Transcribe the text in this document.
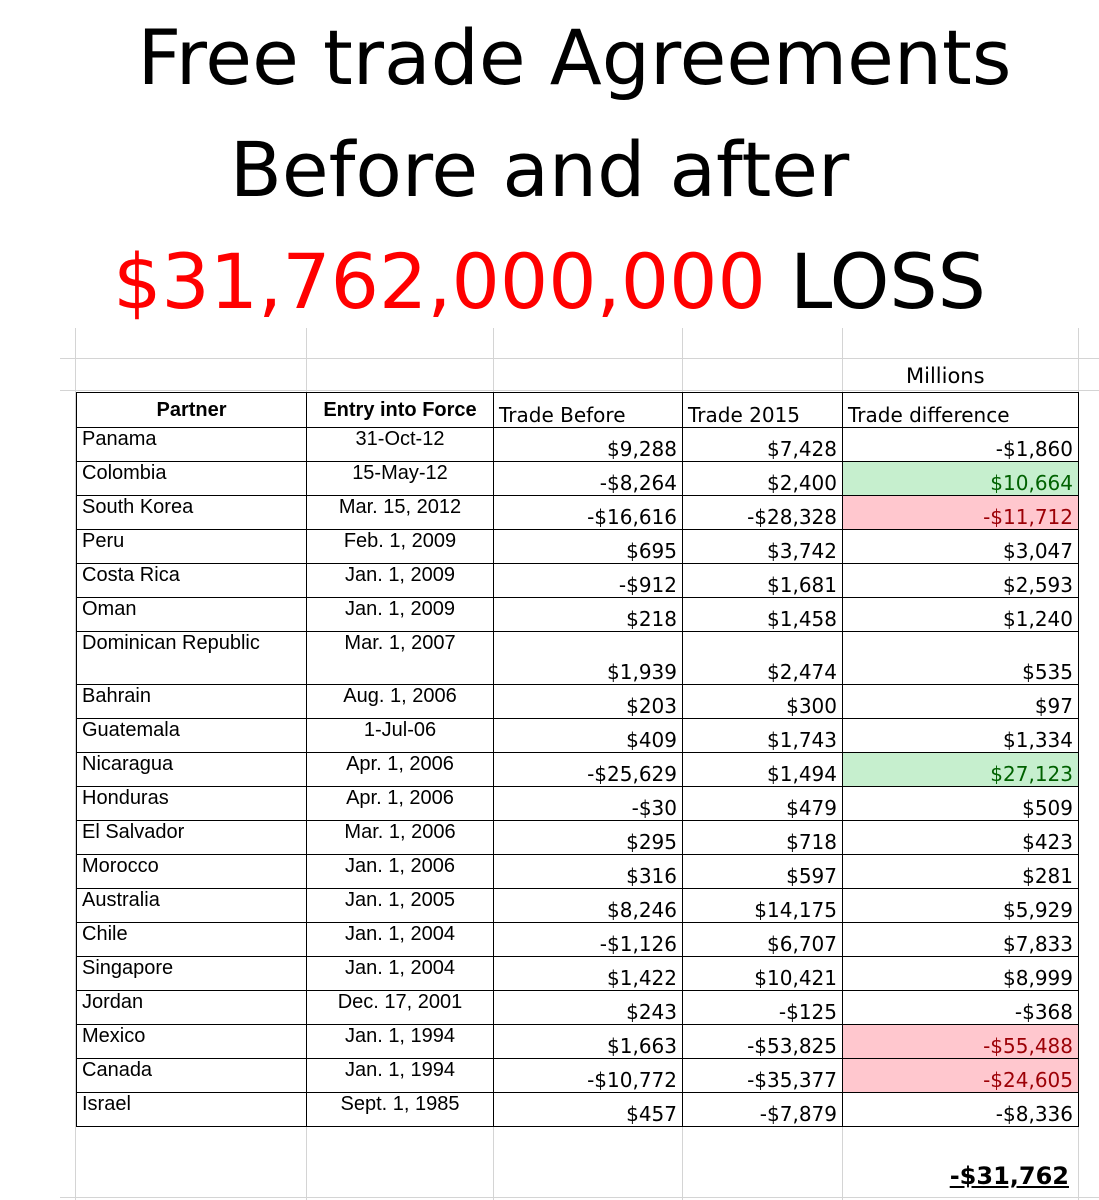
Free trade Agreements
Before and after
$31,762,000,000 LOSS
Millions
Partner	Entry into Force	Trade Before	Trade 2015	Trade difference
Panama	31-Oct-12	$9,288	$7,428	-$1,860
Colombia	15-May-12	-$8,264	$2,400	$10,664
South Korea	Mar. 15, 2012	-$16,616	-$28,328	-$11,712
Peru	Feb. 1, 2009	$695	$3,742	$3,047
Costa Rica	Jan. 1, 2009	-$912	$1,681	$2,593
Oman	Jan. 1, 2009	$218	$1,458	$1,240
Dominican Republic	Mar. 1, 2007	$1,939	$2,474	$535
Bahrain	Aug. 1, 2006	$203	$300	$97
Guatemala	1-Jul-06	$409	$1,743	$1,334
Nicaragua	Apr. 1, 2006	-$25,629	$1,494	$27,123
Honduras	Apr. 1, 2006	-$30	$479	$509
El Salvador	Mar. 1, 2006	$295	$718	$423
Morocco	Jan. 1, 2006	$316	$597	$281
Australia	Jan. 1, 2005	$8,246	$14,175	$5,929
Chile	Jan. 1, 2004	-$1,126	$6,707	$7,833
Singapore	Jan. 1, 2004	$1,422	$10,421	$8,999
Jordan	Dec. 17, 2001	$243	-$125	-$368
Mexico	Jan. 1, 1994	$1,663	-$53,825	-$55,488
Canada	Jan. 1, 1994	-$10,772	-$35,377	-$24,605
Israel	Sept. 1, 1985	$457	-$7,879	-$8,336
-$31,762
